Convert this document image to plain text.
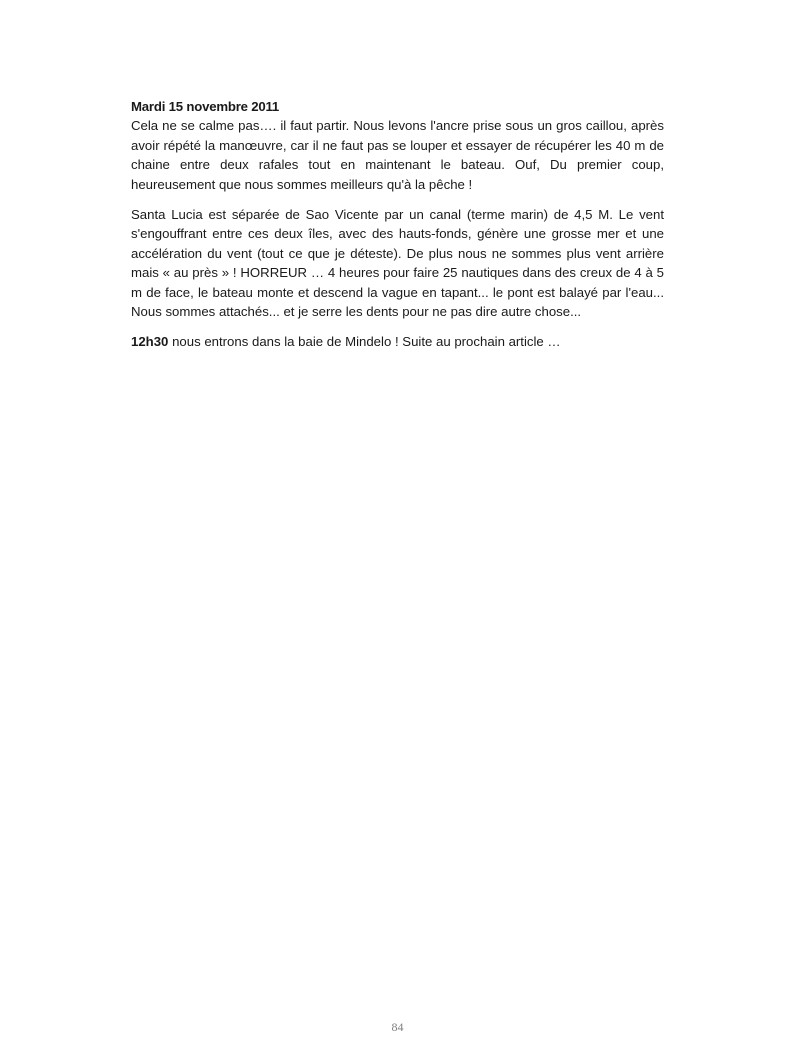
Mardi 15 novembre 2011

Cela ne se calme pas…. il faut partir. Nous levons l'ancre prise sous un gros caillou, après avoir répété la manœuvre, car il ne faut pas se louper et essayer de récupérer les 40 m de chaine entre deux rafales tout en maintenant le bateau. Ouf, Du premier coup, heureusement que nous sommes meilleurs qu'à la pêche !

Santa Lucia est séparée de Sao Vicente par un canal (terme marin) de 4,5 M. Le vent s'engouffrant entre ces deux îles, avec des hauts-fonds, génère une grosse mer et une accélération du vent (tout ce que je déteste). De plus nous ne sommes plus vent arrière mais « au près » ! HORREUR … 4 heures pour faire 25 nautiques dans des creux de 4 à 5 m de face, le bateau monte et descend la vague en tapant... le pont est balayé par l'eau... Nous sommes attachés... et je serre les dents pour ne pas dire autre chose...

12h30 nous entrons dans la baie de Mindelo ! Suite au prochain article …

84
